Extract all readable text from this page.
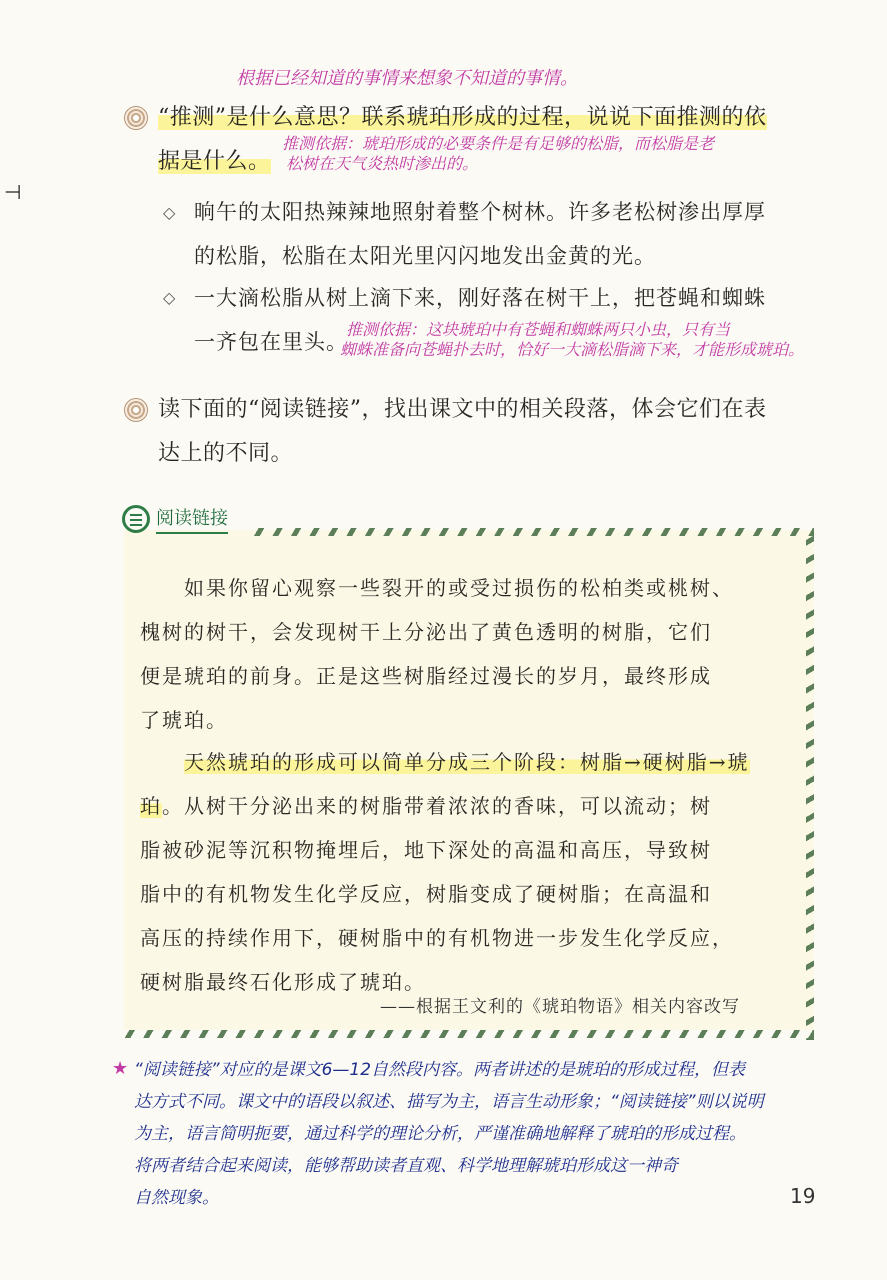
⊣
根据已经知道的事情来想象不知道的事情。
“推测”是什么意思？联系琥珀形成的过程，说说下面推测的依
据是什么。
推测依据：琥珀形成的必要条件是有足够的松脂，而松脂是老
松树在天气炎热时渗出的。
◇ 晌午的太阳热辣辣地照射着整个树林。许多老松树渗出厚厚
的松脂，松脂在太阳光里闪闪地发出金黄的光。
◇ 一大滴松脂从树上滴下来，刚好落在树干上，把苍蝇和蜘蛛
一齐包在里头。
推测依据：这块琥珀中有苍蝇和蜘蛛两只小虫，只有当
蜘蛛准备向苍蝇扑去时，恰好一大滴松脂滴下来，才能形成琥珀。
读下面的“阅读链接”，找出课文中的相关段落，体会它们在表
达上的不同。
阅读链接
如果你留心观察一些裂开的或受过损伤的松柏类或桃树、
槐树的树干，会发现树干上分泌出了黄色透明的树脂，它们
便是琥珀的前身。正是这些树脂经过漫长的岁月，最终形成
了琥珀。
天然琥珀的形成可以简单分成三个阶段：树脂→硬树脂→琥
珀。从树干分泌出来的树脂带着浓浓的香味，可以流动；树
脂被砂泥等沉积物掩埋后，地下深处的高温和高压，导致树
脂中的有机物发生化学反应，树脂变成了硬树脂；在高温和
高压的持续作用下，硬树脂中的有机物进一步发生化学反应，
硬树脂最终石化形成了琥珀。
——根据王文利的《琥珀物语》相关内容改写
★ “阅读链接”对应的是课文6—12自然段内容。两者讲述的是琥珀的形成过程，但表
达方式不同。课文中的语段以叙述、描写为主，语言生动形象；“阅读链接”则以说明
为主，语言简明扼要，通过科学的理论分析，严谨准确地解释了琥珀的形成过程。
将两者结合起来阅读，能够帮助读者直观、科学地理解琥珀形成这一神奇
自然现象。	19
